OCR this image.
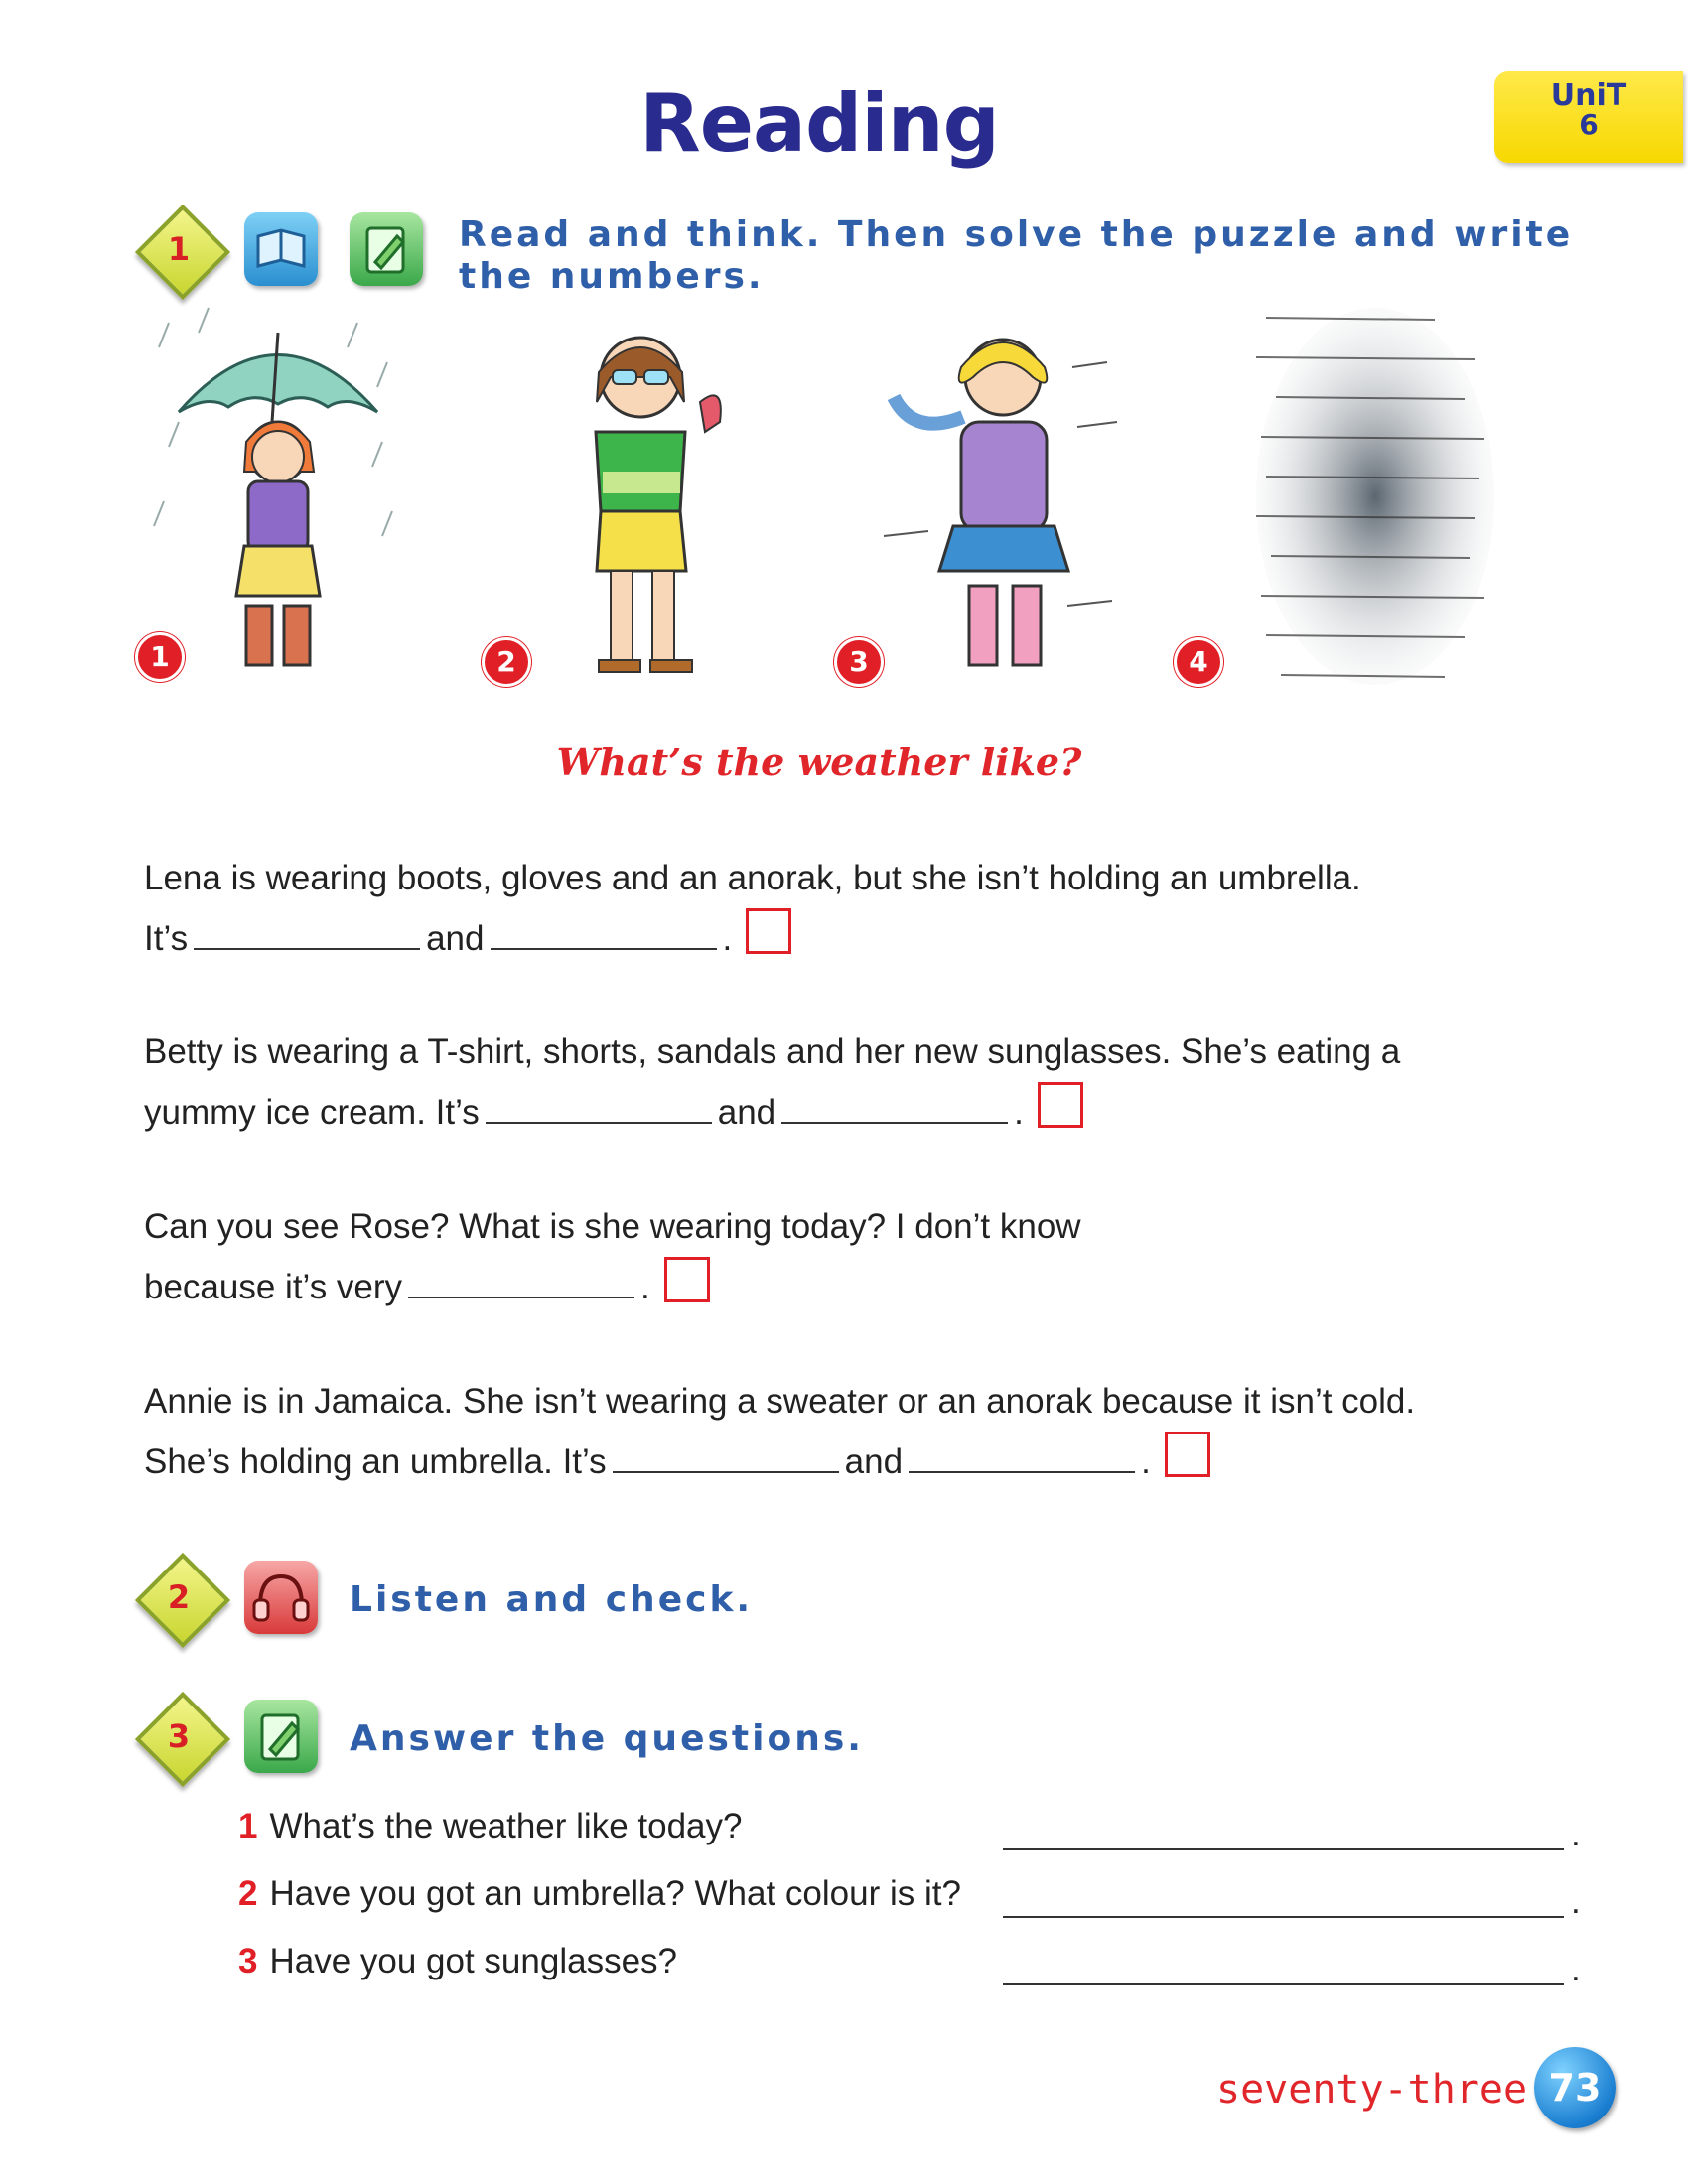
Reading	UniT
6
1	Read and think. Then solve the puzzle and write
the numbers.
1	2	3	4
What’s the weather like?
Lena is wearing boots, gloves and an anorak, but she isn’t holding an umbrella.
It’s	and	.
Betty is wearing a T-shirt, shorts, sandals and her new sunglasses. She’s eating a
yummy ice cream. It’s	and	.
Can you see Rose? What is she wearing today? I don’t know
because it’s very	.
Annie is in Jamaica. She isn’t wearing a sweater or an anorak because it isn’t cold.
She’s holding an umbrella. It’s	and	.
2	Listen and check.
3	Answer the questions.
1 What’s the weather like today?	.
2 Have you got an umbrella? What colour is it?	.
3 Have you got sunglasses?	.
seventy-three 73
